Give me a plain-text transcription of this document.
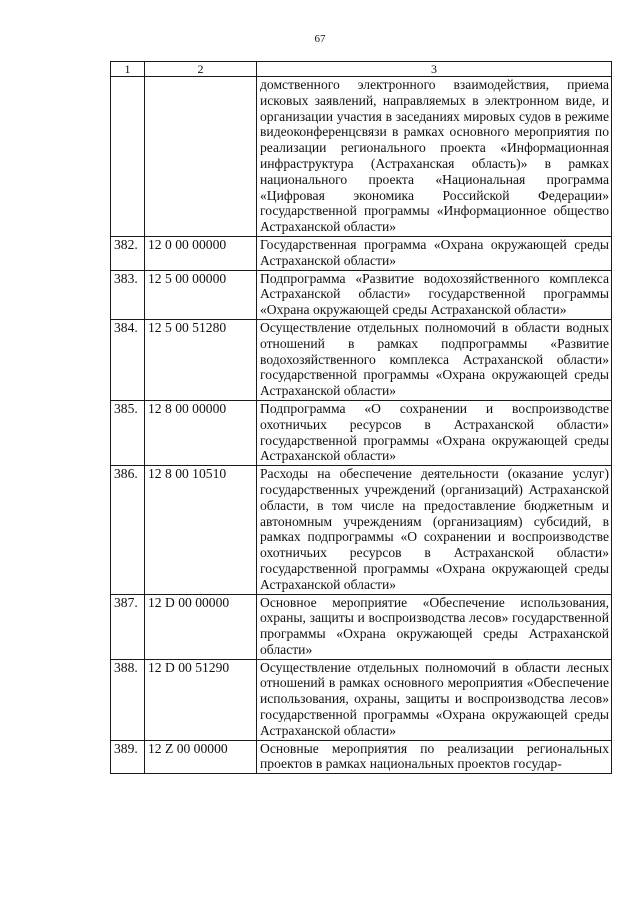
67
1	2	3
		домственного электронного взаимодействия, приема исковых заявлений, направляемых в электронном виде, и организации участия в заседаниях мировых судов в режиме видеоконференцсвязи в рамках основного мероприятия по реализации регионального проекта «Информационная инфраструктура (Астраханская область)» в рамках национального проекта «Национальная программа «Цифровая экономика Российской Федерации» государственной программы «Информационное общество Астраханской области»
382.	12 0 00 00000	Государственная программа «Охрана окружающей среды Астраханской области»
383.	12 5 00 00000	Подпрограмма «Развитие водохозяйственного комплекса Астраханской области» государственной программы «Охрана окружающей среды Астраханской области»
384.	12 5 00 51280	Осуществление отдельных полномочий в области водных отношений в рамках подпрограммы «Развитие водохозяйственного комплекса Астраханской области» государственной программы «Охрана окружающей среды Астраханской области»
385.	12 8 00 00000	Подпрограмма «О сохранении и воспроизводстве охотничьих ресурсов в Астраханской области» государственной программы «Охрана окружающей среды Астраханской области»
386.	12 8 00 10510	Расходы на обеспечение деятельности (оказание услуг) государственных учреждений (организаций) Астраханской области, в том числе на предоставление бюджетным и автономным учреждениям (организациям) субсидий, в рамках подпрограммы «О сохранении и воспроизводстве охотничьих ресурсов в Астраханской области» государственной программы «Охрана окружающей среды Астраханской области»
387.	12 D 00 00000	Основное мероприятие «Обеспечение использования, охраны, защиты и воспроизводства лесов» государственной программы «Охрана окружающей среды Астраханской области»
388.	12 D 00 51290	Осуществление отдельных полномочий в области лесных отношений в рамках основного мероприятия «Обеспечение использования, охраны, защиты и воспроизводства лесов» государственной программы «Охрана окружающей среды Астраханской области»
389.	12 Z 00 00000	Основные мероприятия по реализации региональных проектов в рамках национальных проектов государ-
